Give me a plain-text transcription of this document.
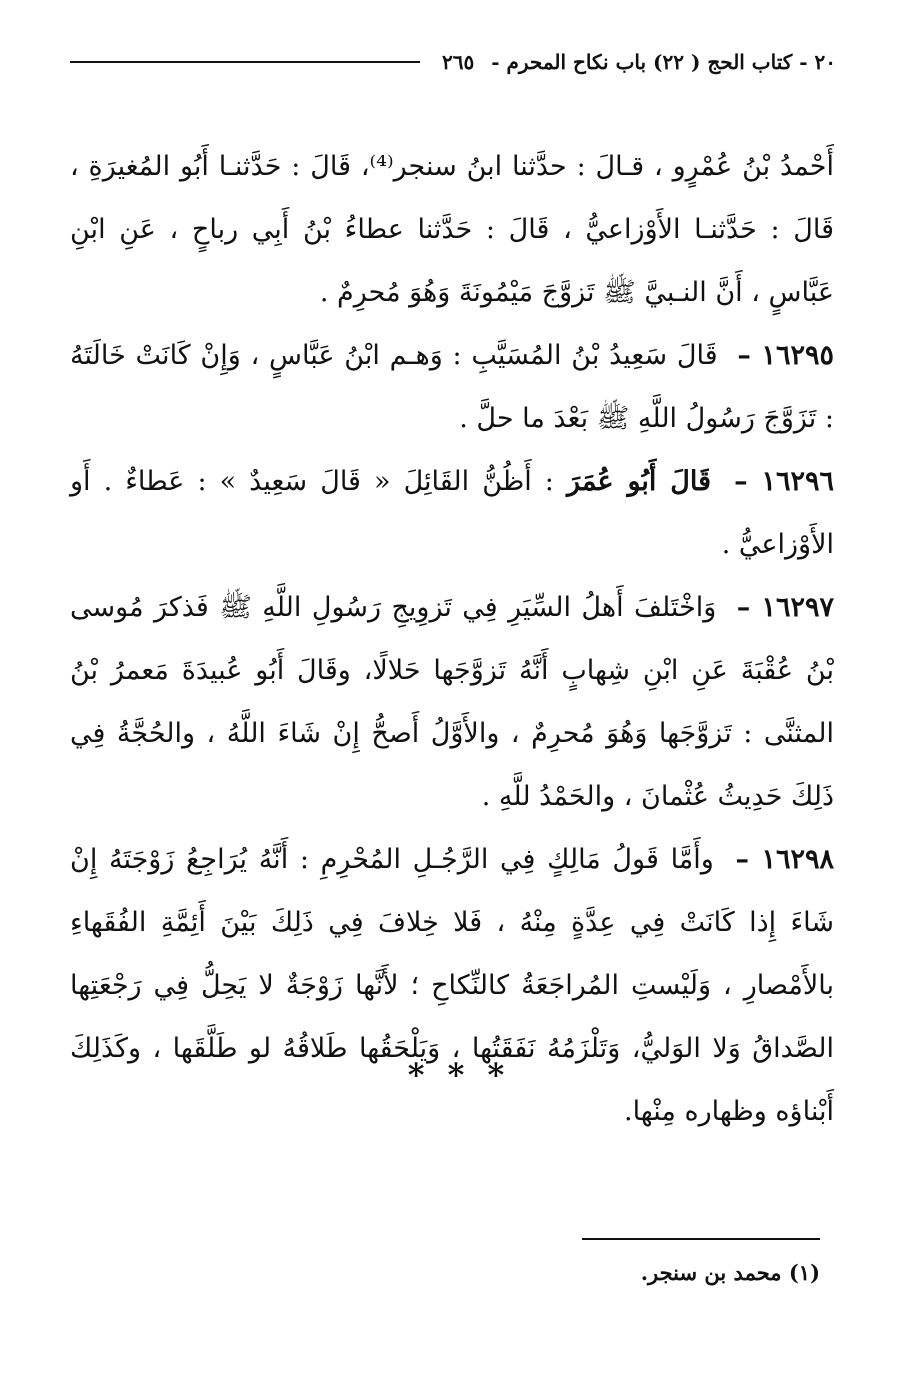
٢٠ - كتاب الحج ( ٢٢) باب نكاح المحرم - ٢٦٥

أَحْمدُ بْنُ عُمْرٍو ، قـالَ : حدَّثنا ابنُ سنجر⁽⁴⁾، قَالَ : حَدَّثنـا أَبُو المُغيرَةِ ، قَالَ : حَدَّثنـا الأَوْزاعيُّ ، قَالَ : حَدَّثنا عطاءُ بْنُ أَبِي رباحٍ ، عَنِ ابْنِ عَبَّاسٍ ، أَنَّ النـبيَّ ﷺ تَزوَّجَ مَيْمُونَةَ وَهُوَ مُحرِمٌ .

١٦٢٩٥ – قَالَ سَعِيدُ بْنُ المُسَيَّبِ : وَهـم ابْنُ عَبَّاسٍ ، وَإِنْ كَانَتْ خَالَتَهُ : تَزَوَّجَ رَسُولُ اللَّهِ ﷺ بَعْدَ ما حلَّ .

١٦٢٩٦ – قَالَ أَبُو عُمَرَ : أَظُنُّ القَائِلَ « قَالَ سَعِيدٌ » : عَطاءٌ . أَو الأَوْزاعيُّ .

١٦٢٩٧ – وَاخْتَلفَ أَهلُ السِّيَرِ فِي تَزوِيجِ رَسُولِ اللَّهِ ﷺ فَذكرَ مُوسى بْنُ عُقْبَةَ عَنِ ابْنِ شِهابٍ أَنَّهُ تَزوَّجَها حَلالًا، وقَالَ أَبُو عُبيدَةَ مَعمرُ بْنُ المثنَّى : تَزوَّجَها وَهُوَ مُحرِمٌ ، والأَوَّلُ أَصحُّ إِنْ شَاءَ اللَّهُ ، والحُجَّةُ فِي ذَلِكَ حَدِيثُ عُثْمانَ ، والحَمْدُ للَّهِ .

١٦٢٩٨ – وأَمَّا قَولُ مَالِكٍ فِي الرَّجُـلِ المُحْرِمِ : أَنَّهُ يُرَاجِعُ زَوْجَتَهُ إِنْ شَاءَ إِذا كَانَتْ فِي عِدَّةٍ مِنْهُ ، فَلا خِلافَ فِي ذَلِكَ بَيْنَ أَئِمَّةِ الفُقَهاءِ بالأَمْصارِ ، وَلَيْستِ المُراجَعَةُ كالنِّكاحِ ؛ لأَنَّها زَوْجَةٌ لا يَحِلُّ فِي رَجْعَتِها الصَّداقُ وَلا الوَليُّ، وَتَلْزَمُهُ نَفَقَتُها ، وَيَلْحَقُها طَلاقُهُ لو طَلَّقَها ، وكَذَلِكَ أَبْناؤه وظهاره مِنْها.

* * *
(١) محمد بن سنجر.
